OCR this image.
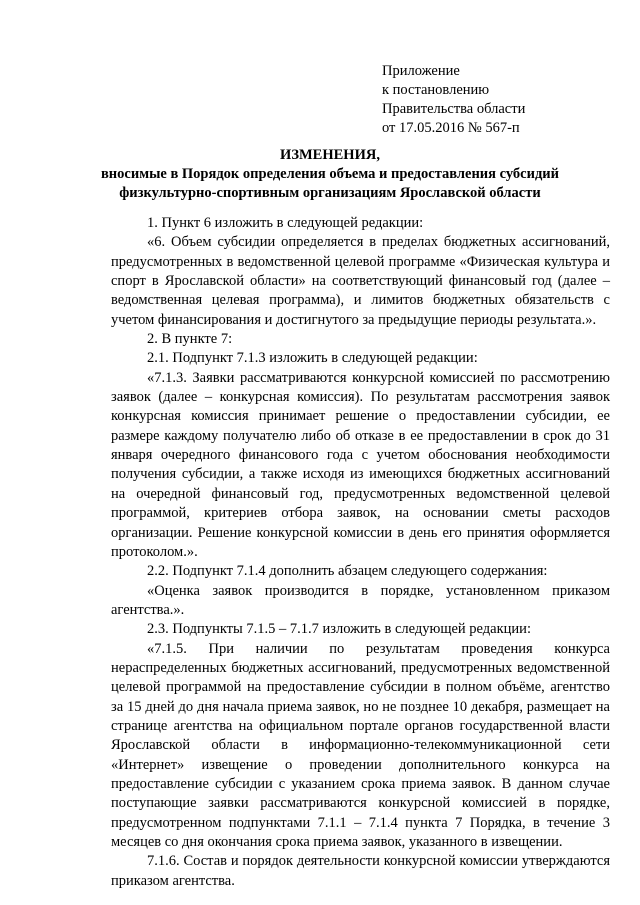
Приложение
к постановлению
Правительства области
от 17.05.2016 № 567-п
ИЗМЕНЕНИЯ,
вносимые в Порядок определения объема и предоставления субсидий
физкультурно-спортивным организациям Ярославской области

1. Пункт 6 изложить в следующей редакции:

«6. Объем субсидии определяется в пределах бюджетных ассигнований, предусмотренных в ведомственной целевой программе «Физическая культура и спорт в Ярославской области» на соответствующий финансовый год (далее – ведомственная целевая программа), и лимитов бюджетных обязательств с учетом финансирования и достигнутого за предыдущие периоды результата.».

2. В пункте 7:

2.1. Подпункт 7.1.3 изложить в следующей редакции:

«7.1.3. Заявки рассматриваются конкурсной комиссией по рассмотрению заявок (далее – конкурсная комиссия). По результатам рассмотрения заявок конкурсная комиссия принимает решение о предоставлении субсидии, ее размере каждому получателю либо об отказе в ее предоставлении в срок до 31 января очередного финансового года с учетом обоснования необходимости получения субсидии, а также исходя из имеющихся бюджетных ассигнований на очередной финансовый год, предусмотренных ведомственной целевой программой, критериев отбора заявок, на основании сметы расходов организации. Решение конкурсной комиссии в день его принятия оформляется протоколом.».

2.2. Подпункт 7.1.4 дополнить абзацем следующего содержания:

«Оценка заявок производится в порядке, установленном приказом агентства.».

2.3. Подпункты 7.1.5 – 7.1.7 изложить в следующей редакции:

«7.1.5. При наличии по результатам проведения конкурса нераспределенных бюджетных ассигнований, предусмотренных ведомственной целевой программой на предоставление субсидии в полном объёме, агентство за 15 дней до дня начала приема заявок, но не позднее 10 декабря, размещает на странице агентства на официальном портале органов государственной власти Ярославской области в информационно-телекоммуникационной сети «Интернет» извещение о проведении дополнительного конкурса на предоставление субсидии с указанием срока приема заявок. В данном случае поступающие заявки рассматриваются конкурсной комиссией в порядке, предусмотренном подпунктами 7.1.1 – 7.1.4 пункта 7 Порядка, в течение 3 месяцев со дня окончания срока приема заявок, указанного в извещении.

7.1.6. Состав и порядок деятельности конкурсной комиссии утверждаются приказом агентства.
